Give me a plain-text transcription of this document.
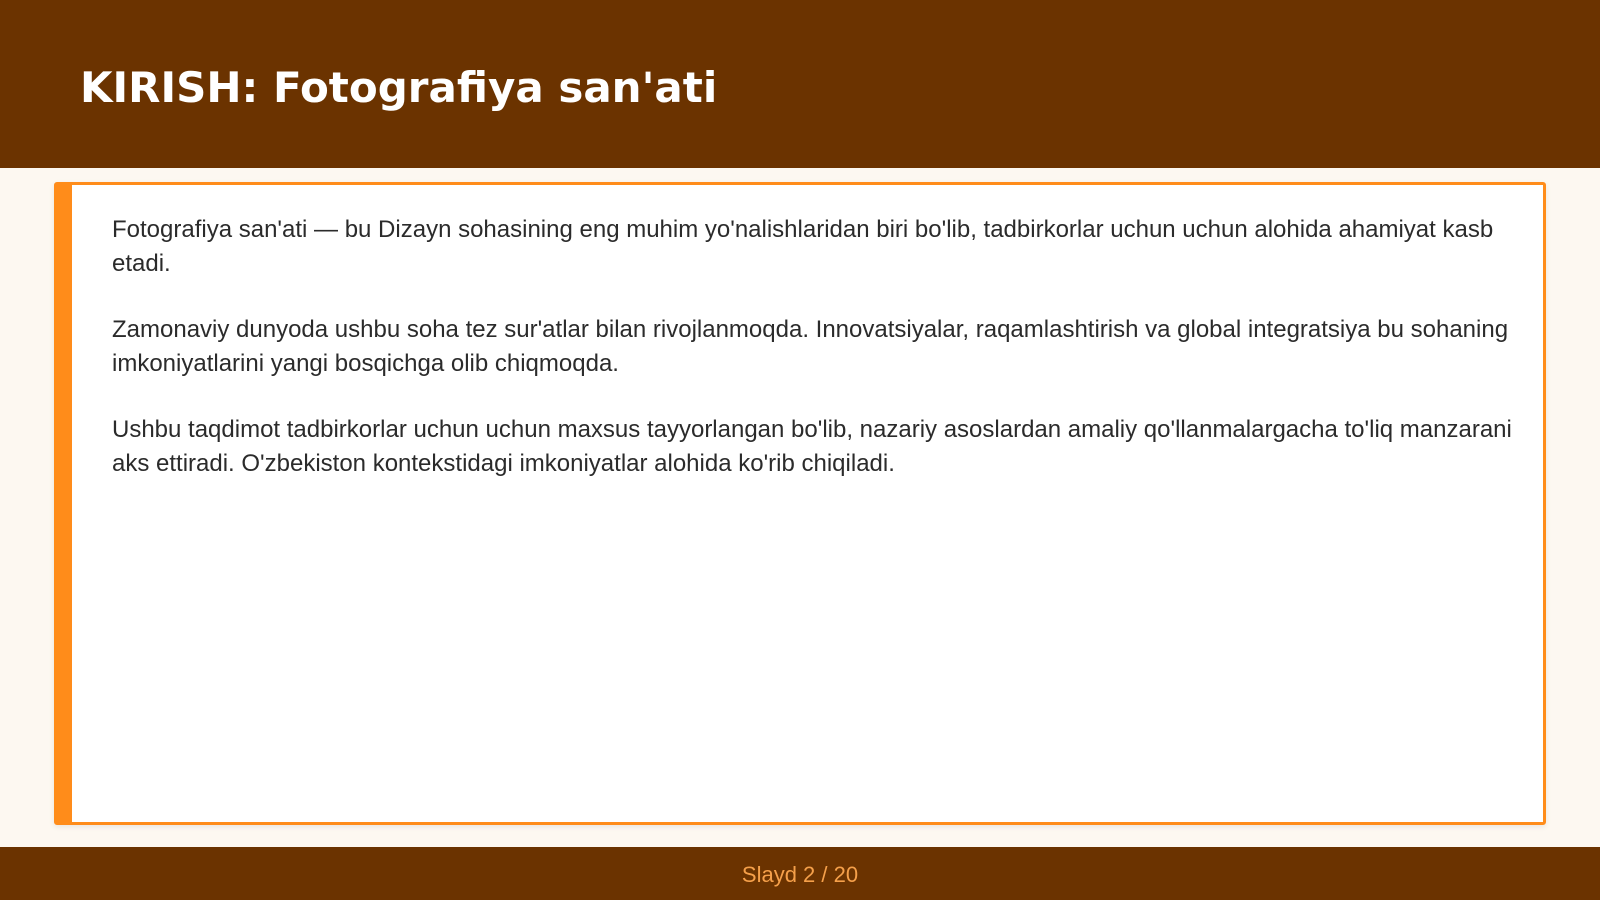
KIRISH: Fotografiya san'ati

Fotografiya san'ati — bu Dizayn sohasining eng muhim yo'nalishlaridan biri bo'lib, tadbirkorlar uchun uchun alohida ahamiyat kasb etadi.

Zamonaviy dunyoda ushbu soha tez sur'atlar bilan rivojlanmoqda. Innovatsiyalar, raqamlashtirish va global integratsiya bu sohaning imkoniyatlarini yangi bosqichga olib chiqmoqda.

Ushbu taqdimot tadbirkorlar uchun uchun maxsus tayyorlangan bo'lib, nazariy asoslardan amaliy qo'llanmalargacha to'liq manzarani aks ettiradi. O'zbekiston kontekstidagi imkoniyatlar alohida ko'rib chiqiladi.

Slayd 2 / 20
